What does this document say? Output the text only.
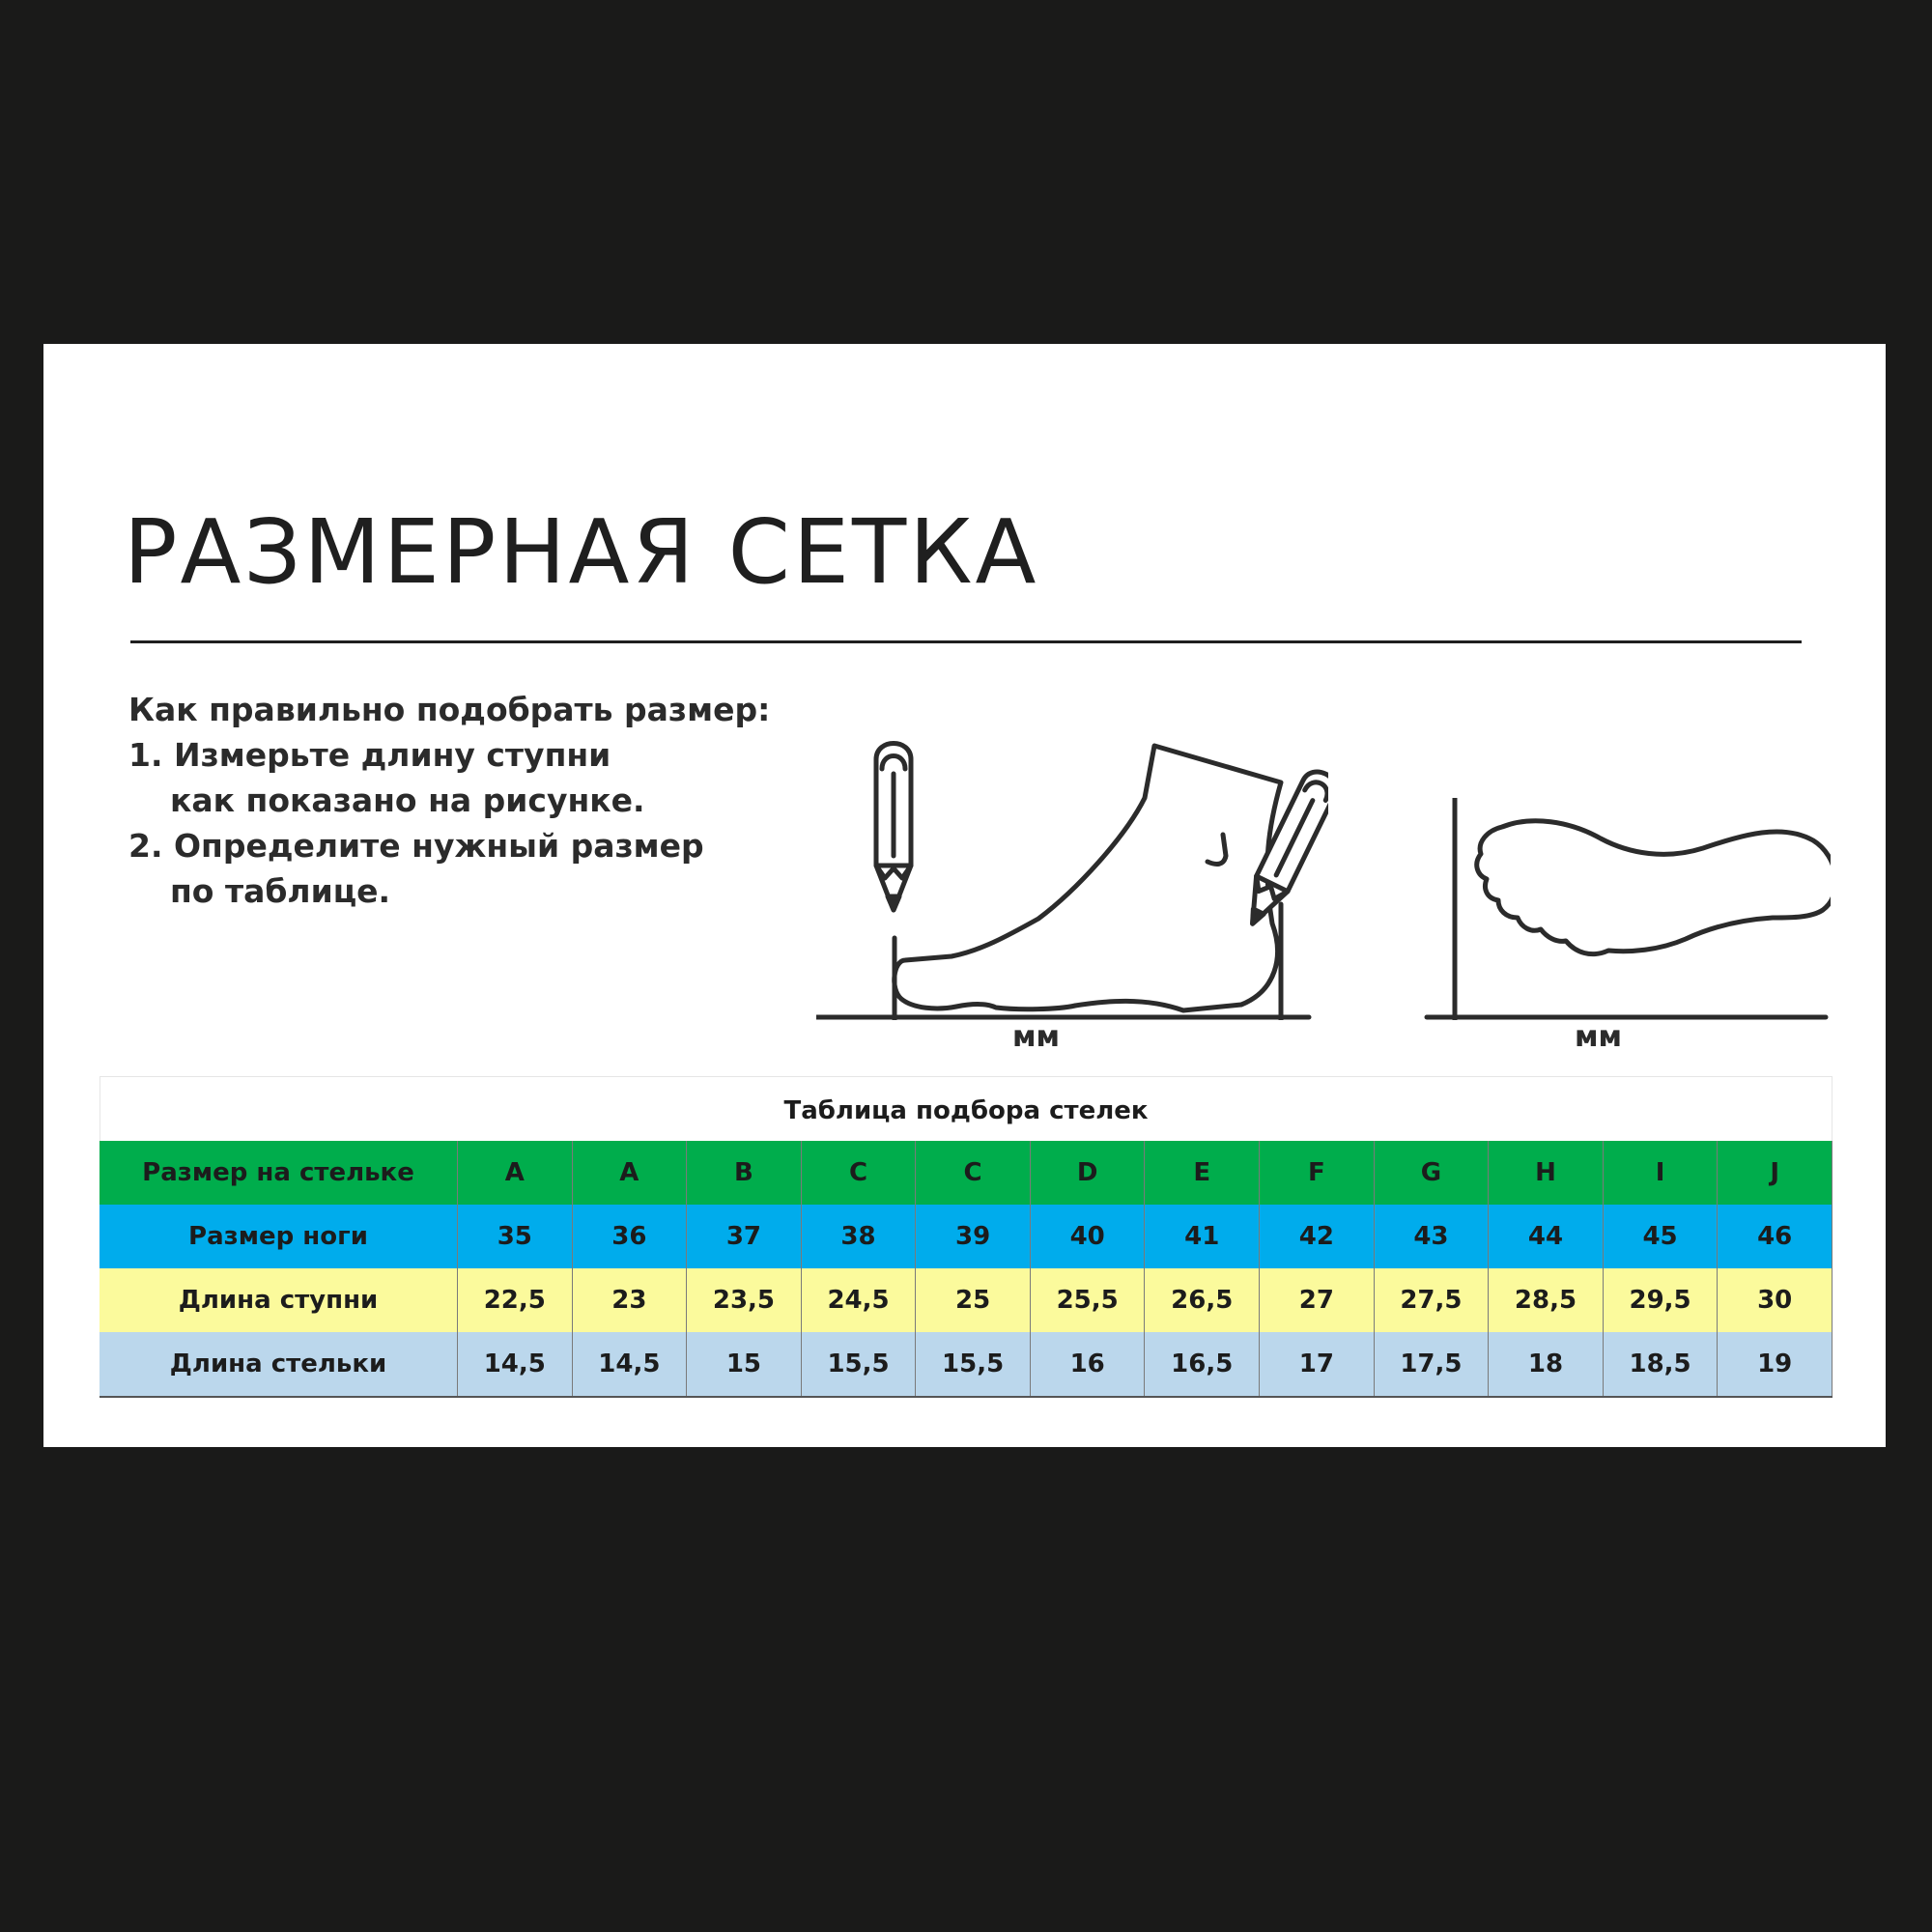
РАЗМЕРНАЯ СЕТКА
Как правильно подобрать размер:
1. Измерьте длину ступни
как показано на рисунке.
2. Определите нужный размер
по таблице.
мм	мм
Таблица подбора стелек
Размер на стельке	A	A	B	C	C	D	E	F	G	H	I	J
Размер ноги	35	36	37	38	39	40	41	42	43	44	45	46
Длина ступни	22,5	23	23,5	24,5	25	25,5	26,5	27	27,5	28,5	29,5	30
Длина стельки	14,5	14,5	15	15,5	15,5	16	16,5	17	17,5	18	18,5	19
